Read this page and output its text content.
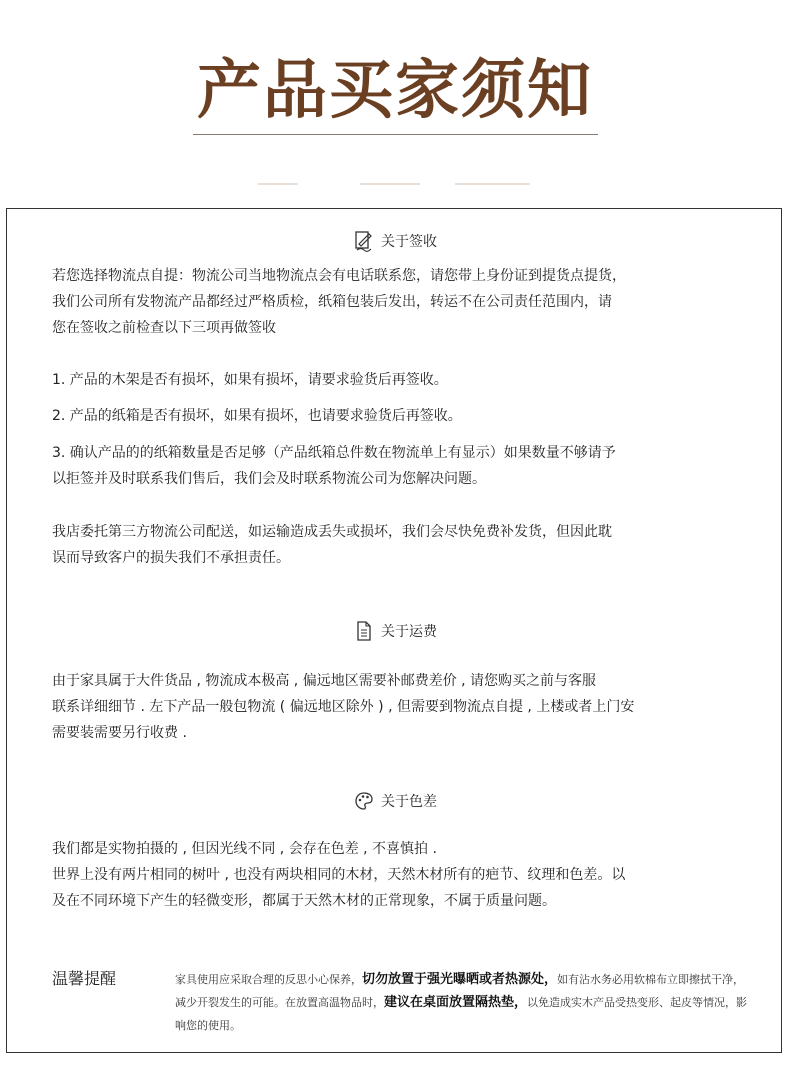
产品买家须知
关于签收

若您选择物流点自提：物流公司当地物流点会有电话联系您，请您带上身份证到提货点提货，
我们公司所有发物流产品都经过严格质检，纸箱包装后发出，转运不在公司责任范围内，请
您在签收之前检查以下三项再做签收

1. 产品的木架是否有损坏，如果有损坏，请要求验货后再签收。

2. 产品的纸箱是否有损坏，如果有损坏，也请要求验货后再签收。

3. 确认产品的的纸箱数量是否足够（产品纸箱总件数在物流单上有显示）如果数量不够请予
以拒签并及时联系我们售后，我们会及时联系物流公司为您解决问题。

我店委托第三方物流公司配送，如运输造成丢失或损坏，我们会尽快免费补发货，但因此耽
误而导致客户的损失我们不承担责任。

关于运费

由于家具属于大件货品 , 物流成本极高 , 偏远地区需要补邮费差价 , 请您购买之前与客服
联系详细细节 . 左下产品一般包物流 ( 偏远地区除外 ) , 但需要到物流点自提 , 上楼或者上门安
需要装需要另行收费 .

关于色差

我们都是实物拍摄的 , 但因光线不同 , 会存在色差 , 不喜慎拍 .
世界上没有两片相同的树叶 , 也没有两块相同的木材，天然木材所有的疤节、纹理和色差。以
及在不同环境下产生的轻微变形，都属于天然木材的正常现象，不属于质量问题。

温馨提醒	家具使用应采取合理的反思小心保养，切勿放置于强光曝晒或者热源处，如有沾水务必用软棉布立即擦拭干净，减少开裂发生的可能。在放置高温物品时，建议在桌面放置隔热垫，以免造成实木产品受热变形、起皮等情况，影响您的使用。
